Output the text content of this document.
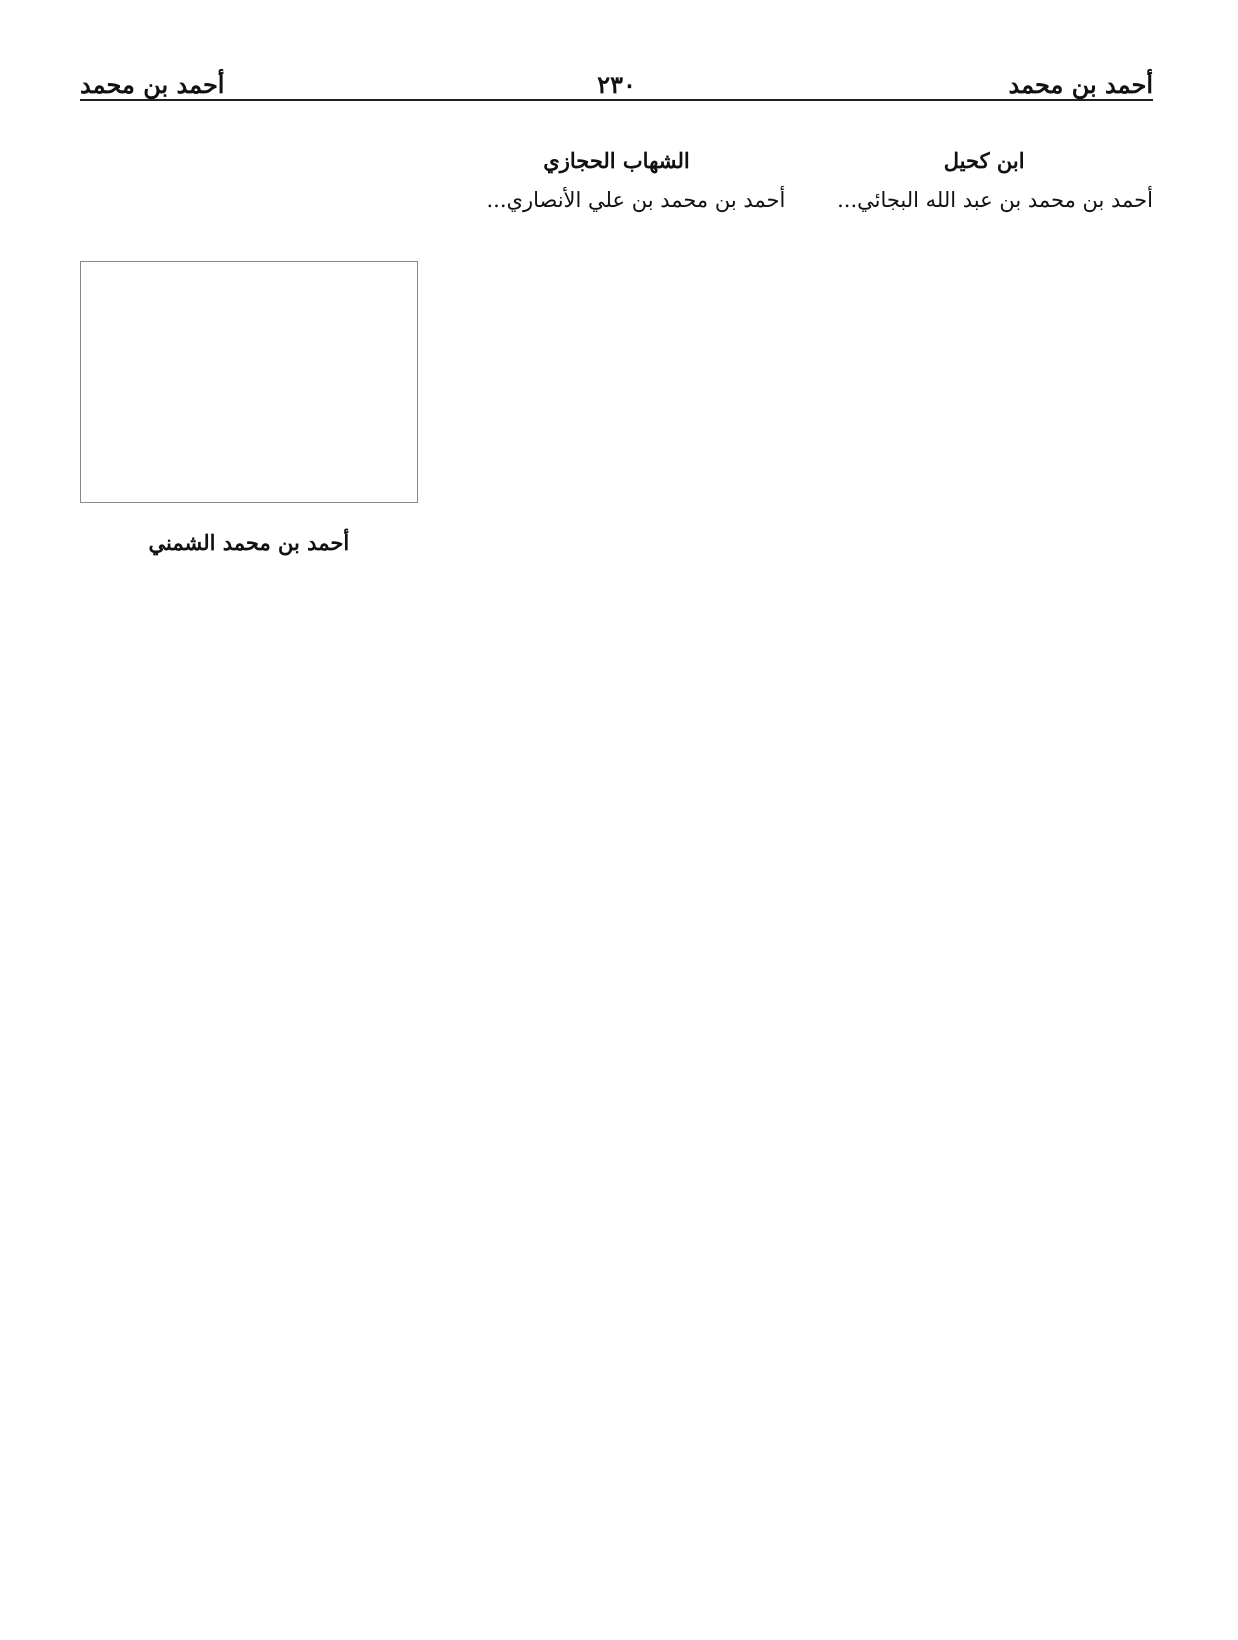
أحمد بن محمد
٢٣٠
أحمد بن محمد
ابن كحيل
أحمد بن محمد بن عبد الله البجائي...
الشهاب الحجازي
أحمد بن محمد بن علي الأنصاري...
أحمد بن محمد الشمني
